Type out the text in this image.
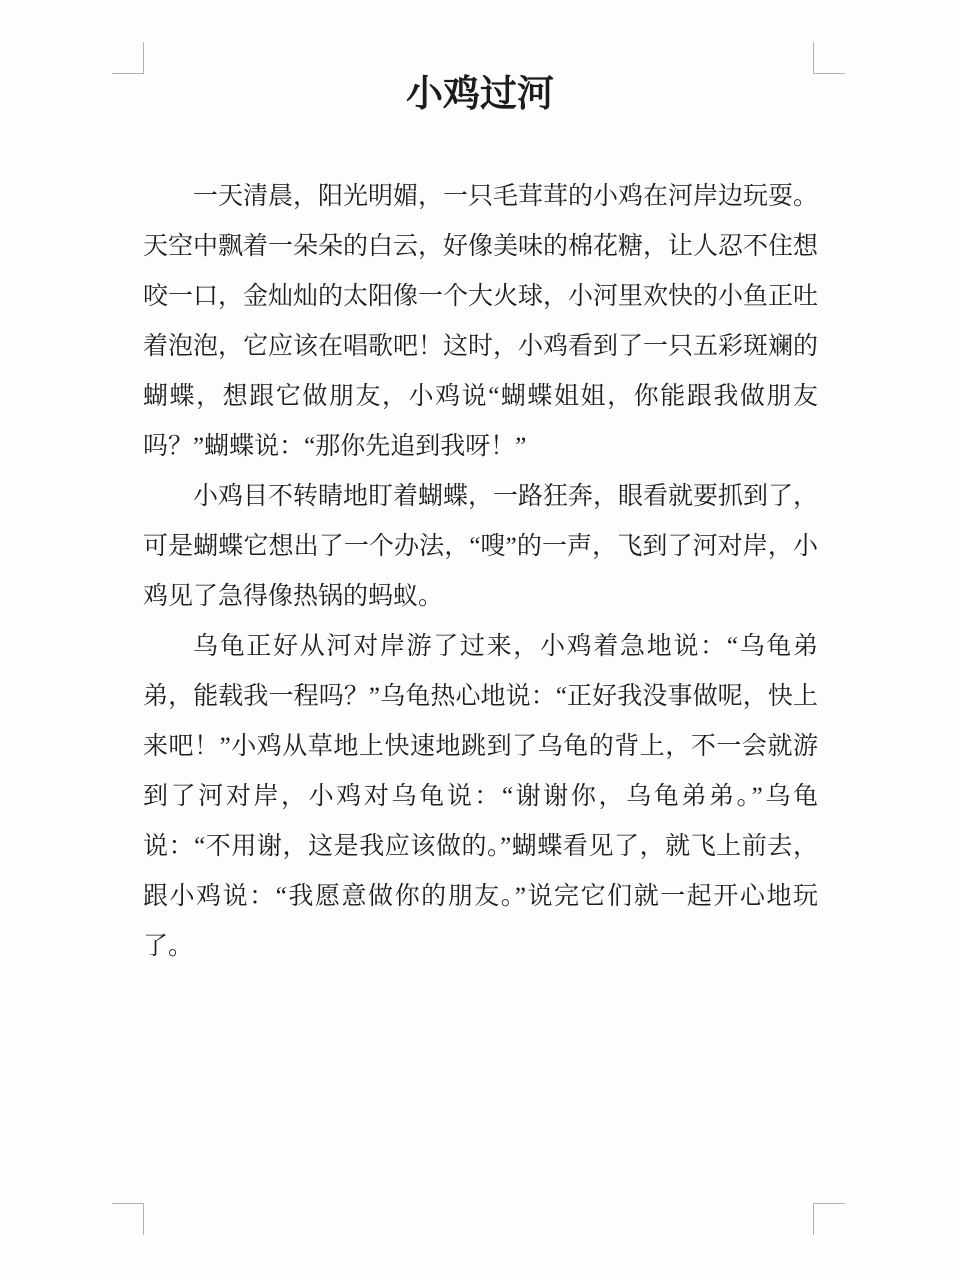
小鸡过河

一天清晨，阳光明媚，一只毛茸茸的小鸡在河岸边玩耍。天空中飘着一朵朵的白云，好像美味的棉花糖，让人忍不住想咬一口，金灿灿的太阳像一个大火球，小河里欢快的小鱼正吐着泡泡，它应该在唱歌吧！这时，小鸡看到了一只五彩斑斓的蝴蝶，想跟它做朋友，小鸡说“蝴蝶姐姐，你能跟我做朋友吗？”蝴蝶说：“那你先追到我呀！”

小鸡目不转睛地盯着蝴蝶，一路狂奔，眼看就要抓到了，可是蝴蝶它想出了一个办法，“嗖”的一声，飞到了河对岸，小鸡见了急得像热锅的蚂蚁。

乌龟正好从河对岸游了过来，小鸡着急地说：“乌龟弟弟，能载我一程吗？”乌龟热心地说：“正好我没事做呢，快上来吧！”小鸡从草地上快速地跳到了乌龟的背上，不一会就游到了河对岸，小鸡对乌龟说：“谢谢你，乌龟弟弟。”乌龟说：“不用谢，这是我应该做的。”蝴蝶看见了，就飞上前去，跟小鸡说：“我愿意做你的朋友。”说完它们就一起开心地玩了。
